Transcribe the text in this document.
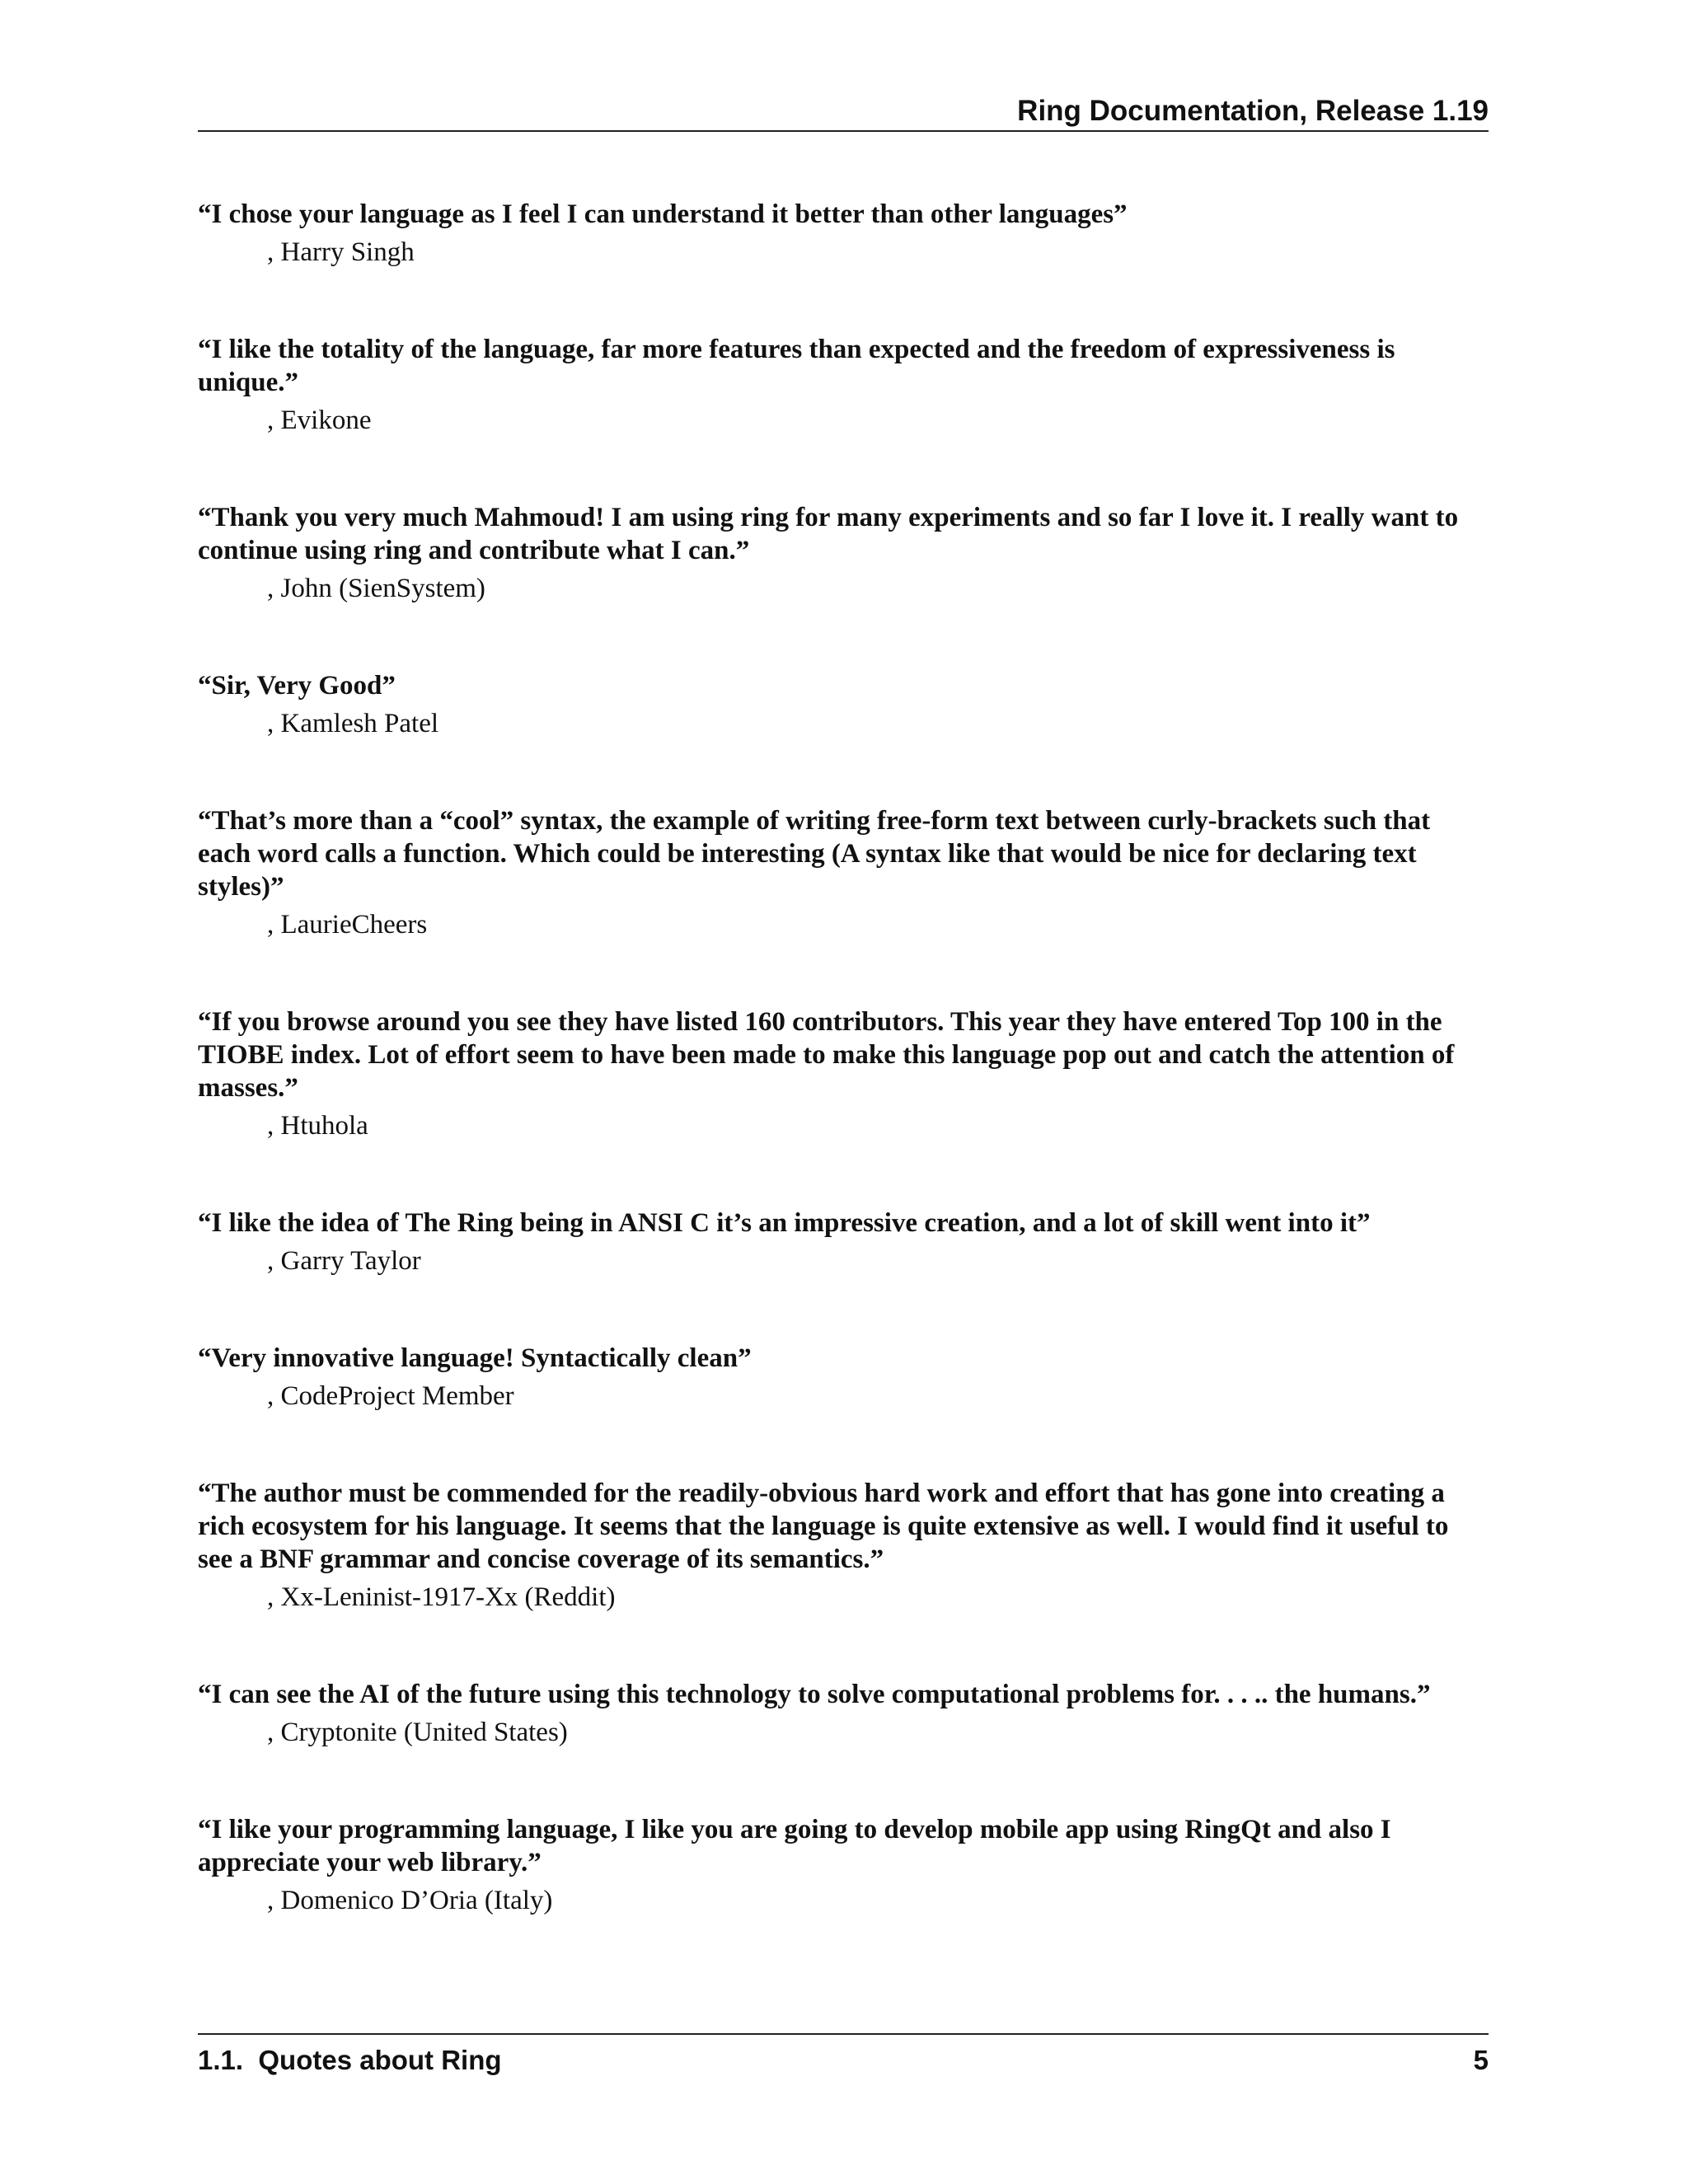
Ring Documentation, Release 1.19

“I chose your language as I feel I can understand it better than other languages”

, Harry Singh

“I like the totality of the language, far more features than expected and the freedom of expressiveness is unique.”

, Evikone

“Thank you very much Mahmoud! I am using ring for many experiments and so far I love it. I really want to continue using ring and contribute what I can.”

, John (SienSystem)

“Sir, Very Good”

, Kamlesh Patel

“That’s more than a “cool” syntax, the example of writing free-form text between curly-brackets such that each word calls a function. Which could be interesting (A syntax like that would be nice for declaring text styles)”

, LaurieCheers

“If you browse around you see they have listed 160 contributors. This year they have entered Top 100 in the TIOBE index. Lot of effort seem to have been made to make this language pop out and catch the attention of masses.”

, Htuhola

“I like the idea of The Ring being in ANSI C it’s an impressive creation, and a lot of skill went into it”

, Garry Taylor

“Very innovative language! Syntactically clean”

, CodeProject Member

“The author must be commended for the readily-obvious hard work and effort that has gone into creating a rich ecosystem for his language. It seems that the language is quite extensive as well. I would find it useful to see a BNF grammar and concise coverage of its semantics.”

, Xx-Leninist-1917-Xx (Reddit)

“I can see the AI of the future using this technology to solve computational problems for. . . .. the humans.”

, Cryptonite (United States)

“I like your programming language, I like you are going to develop mobile app using RingQt and also I appreciate your web library.”

, Domenico D’Oria (Italy)
1.1.  Quotes about Ring	5
